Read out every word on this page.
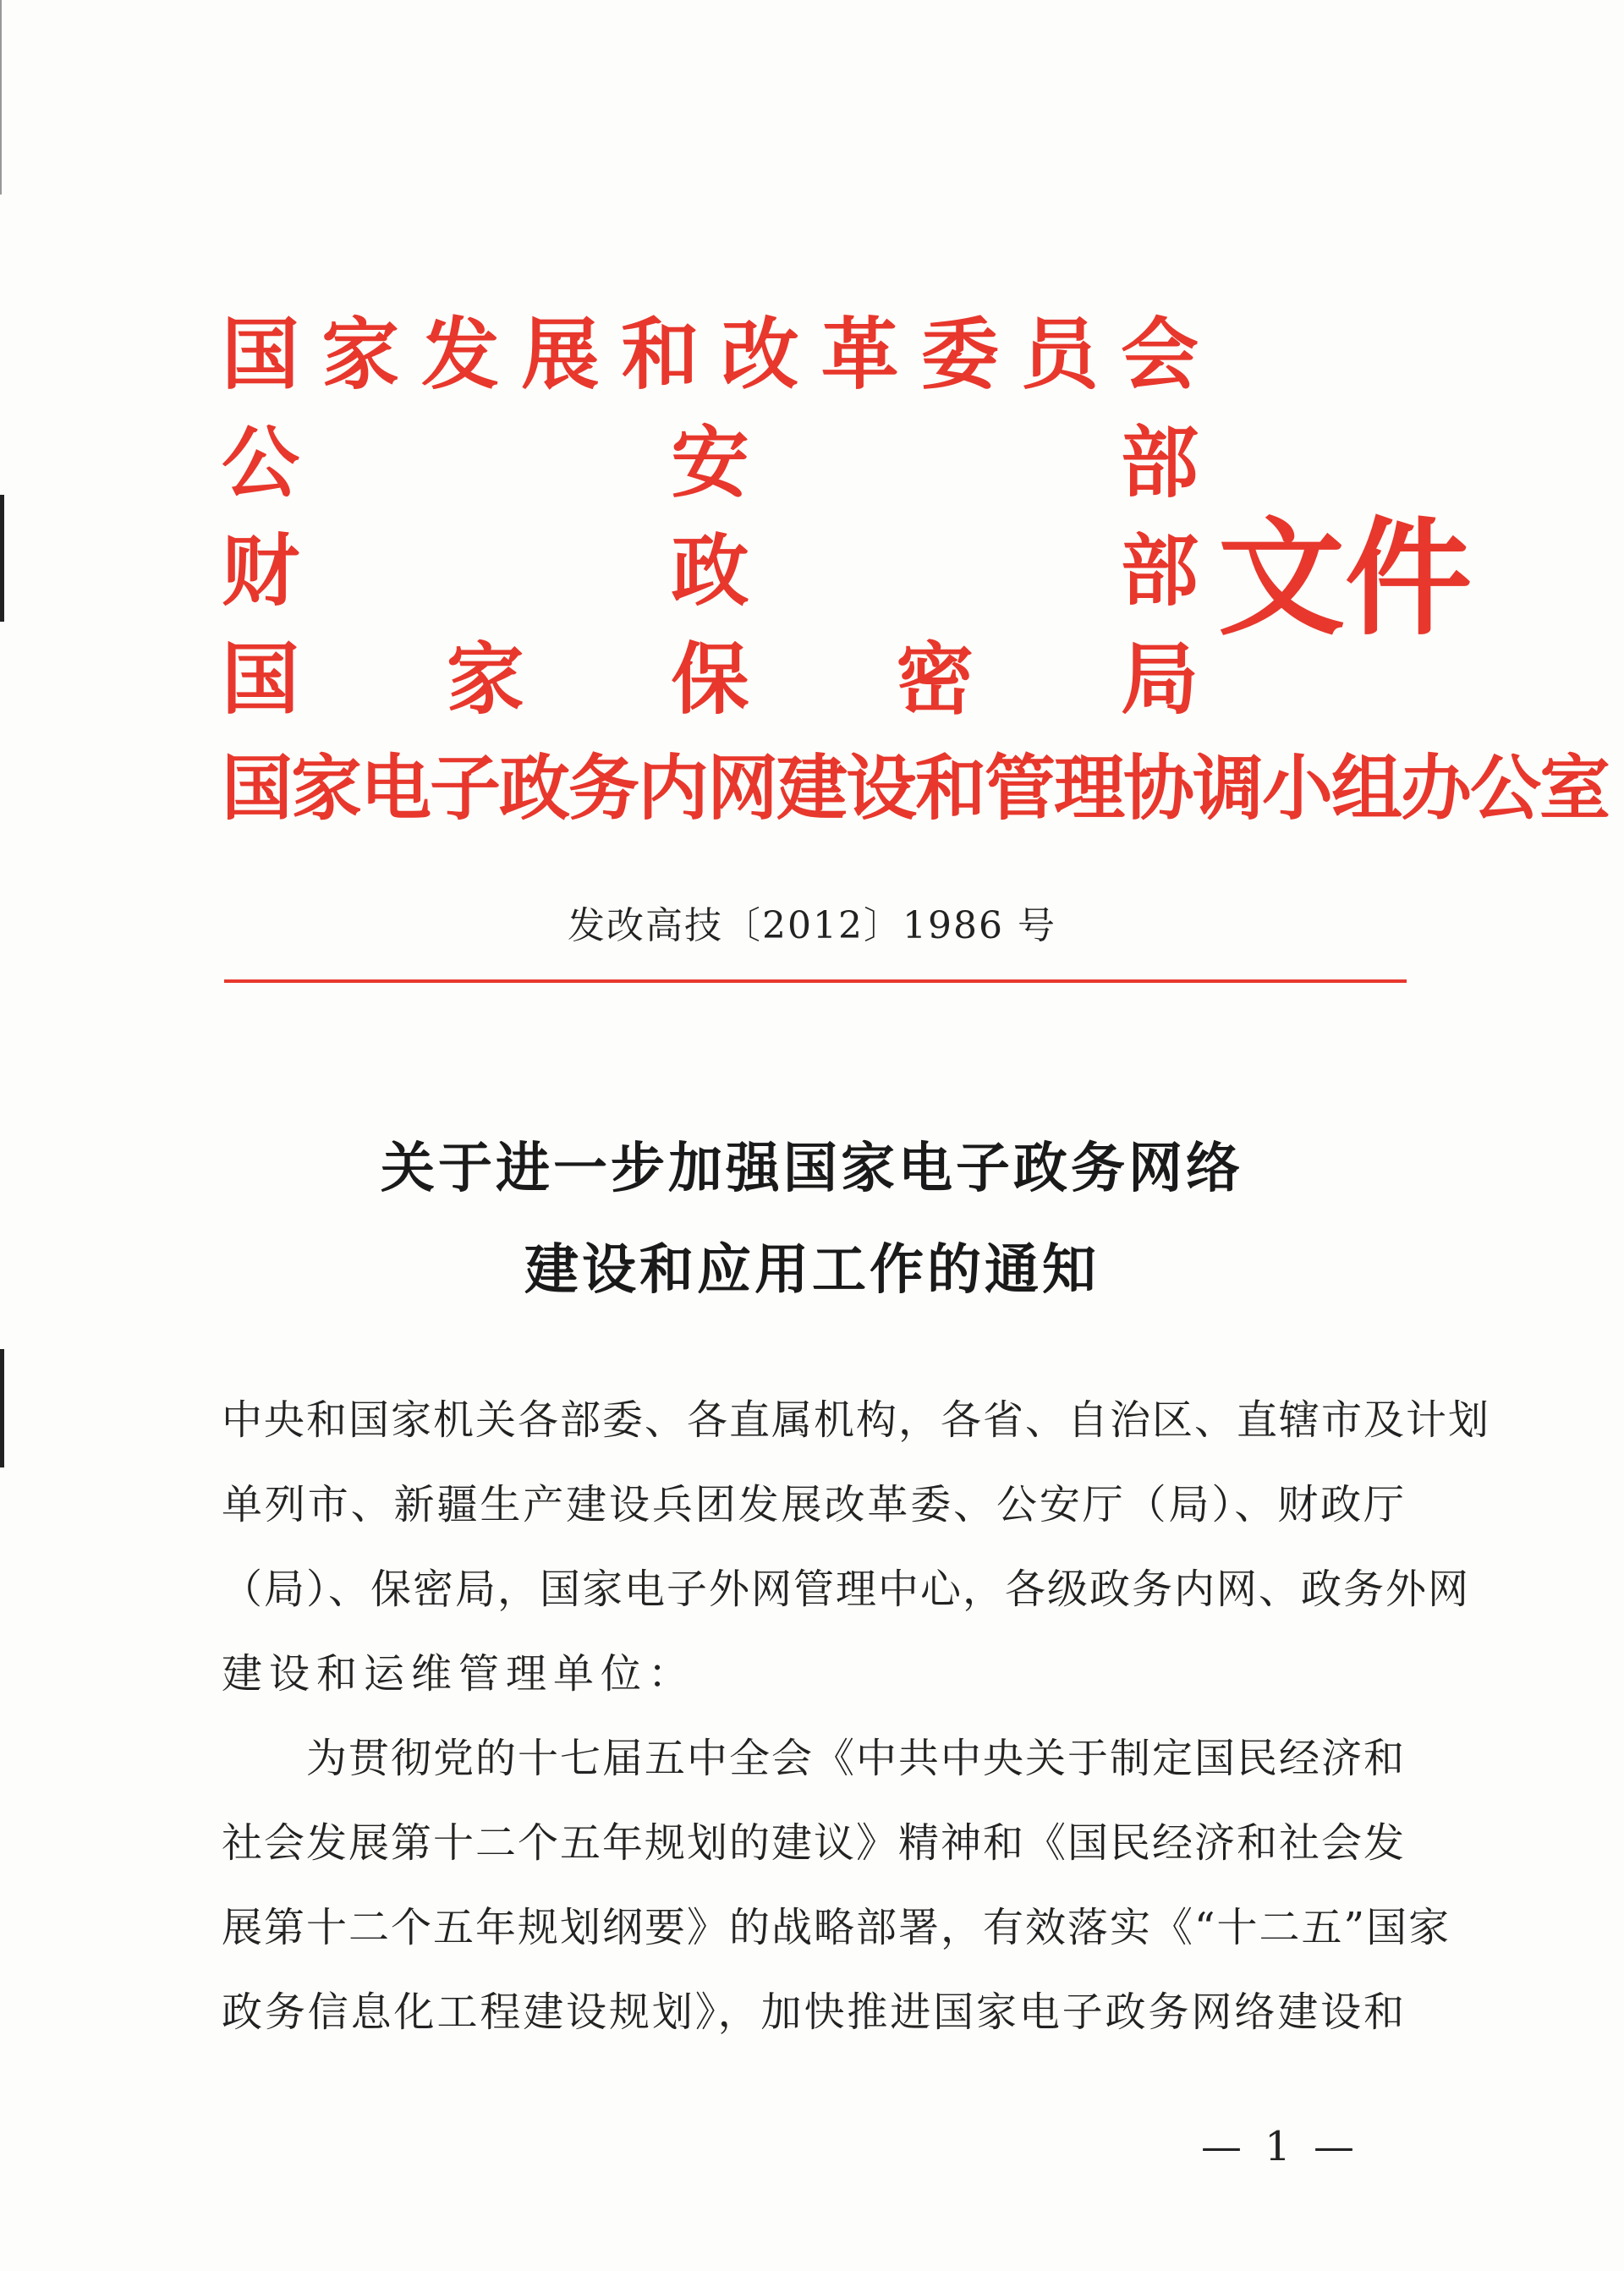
国 家 发 展 和 改 革 委 员 会
公	安	部
财	政	部
国 家 保 密 局
国家电子政务内网建设和管理协调小组办公室
文件
发改高技〔2012〕1986 号
关于进一步加强国家电子政务网络
建设和应用工作的通知
中央和国家机关各部委、各直属机构，各省、自治区、直辖市及计划
单列市、新疆生产建设兵团发展改革委、公安厅（局）、财政厅
（局）、保密局，国家电子外网管理中心，各级政务内网、政务外网
建设和运维管理单位：
为贯彻党的十七届五中全会《中共中央关于制定国民经济和
社会发展第十二个五年规划的建议》精神和《国民经济和社会发
展第十二个五年规划纲要》的战略部署，有效落实《“十二五”国家
政务信息化工程建设规划》，加快推进国家电子政务网络建设和
— 1 —
